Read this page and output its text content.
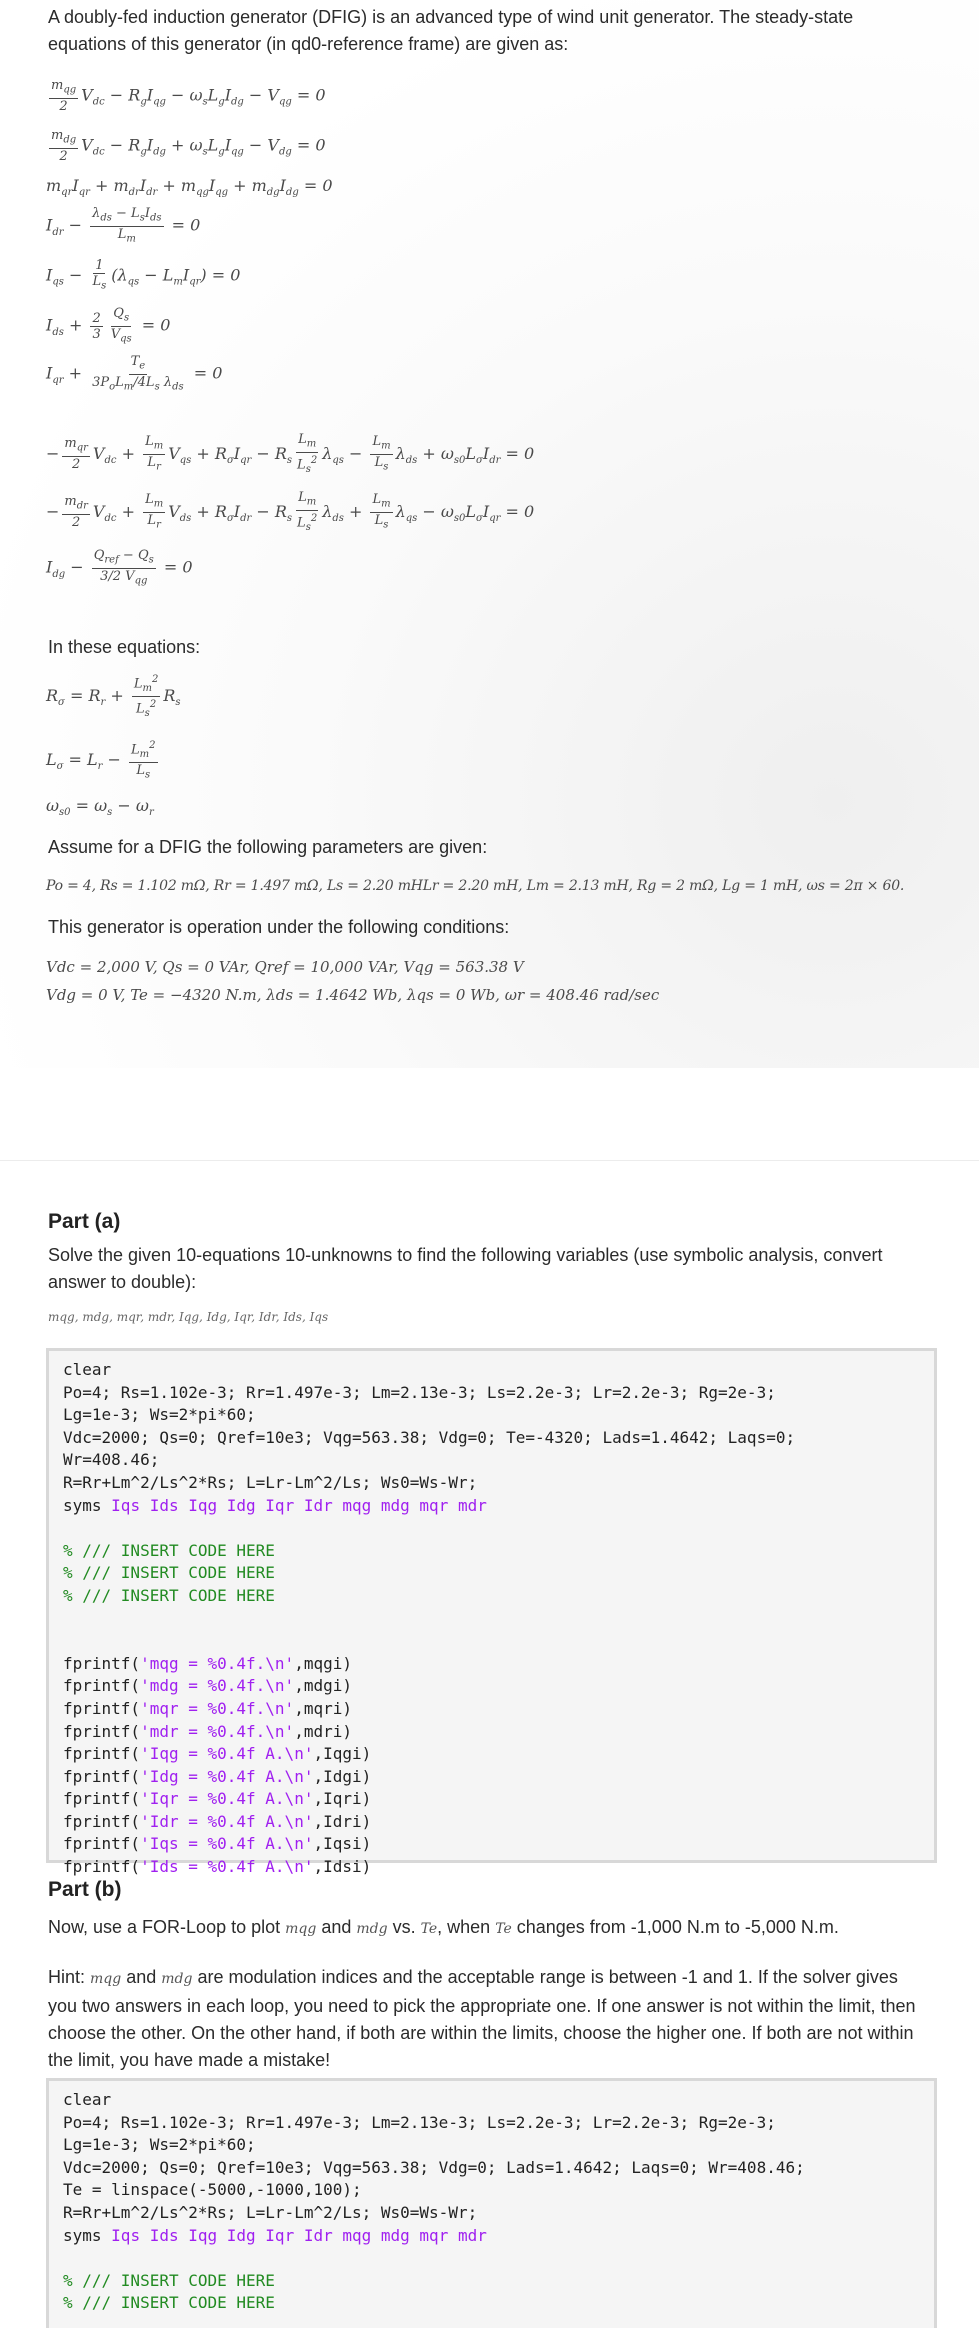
A doubly-fed induction generator (DFIG) is an advanced type of wind unit generator. The steady-state equations of this generator (in qd0-reference frame) are given as:

$\frac{m_{qg}}{2} V_{dc} - R_gI_{qg} - \omega_sL_gI_{dg} - V_{qg} = 0$
$\frac{m_{dg}}{2} V_{dc} - R_gI_{dg} + \omega_sL_gI_{qg} - V_{dg} = 0$
$m_{qr}I_{qr} + m_{dr}I_{dr} + m_{qg}I_{qg} + m_{dg}I_{dg} = 0$
$I_{dr} - \frac{\lambda_{ds} - L_sI_{ds}}{L_m} = 0$
$I_{qs} - \frac{1}{L_s} (\lambda_{qs} - L_mI_{qr}) = 0$
$I_{ds} + \frac{2}{3} \frac{Q_s}{V_{qs}} = 0$
$I_{qr} + \frac{T_e}{3P_oL_m/4L_s \lambda_{ds}} = 0$
− $\frac{m_{qr}}{2} V_{dc} + \frac{L_m}{L_r} V_{qs} + R_\sigma I_{qr} - R_s \frac{L_m}{L_s^2} \lambda_{qs} - \frac{L_m}{L_s} \lambda_{ds} + \omega_{s0}L_\sigma I_{dr} = 0$
− $\frac{m_{dr}}{2} V_{dc} + \frac{L_m}{L_r} V_{ds} + R_\sigma I_{dr} - R_s \frac{L_m}{L_s^2} \lambda_{ds} + \frac{L_m}{L_s} \lambda_{qs} - \omega_{s0}L_\sigma I_{qr} = 0$
$I_{dg} - \frac{Q_{ref} - Q_s}{3/2 V_{qg}} = 0$

In these equations:

$R_\sigma = R_r + \frac{L_m^2}{L_s^2} R_s$
$L_\sigma = L_r - \frac{L_m^2}{L_s}$
$\omega_{s0} = \omega_s - \omega_r$

Assume for a DFIG the following parameters are given:

Po = 4, Rs = 1.102 mΩ, Rr = 1.497 mΩ, Ls = 2.20 mHLr = 2.20 mH, Lm = 2.13 mH, Rg = 2 mΩ, Lg = 1 mH, ωs = 2π × 60.

This generator is operation under the following conditions:

Vdc = 2,000 V, Qs = 0 VAr, Qref = 10,000 VAr, Vqg = 563.38 V
Vdg = 0 V, Te = −4320 N.m, λds = 1.4642 Wb, λqs = 0 Wb, ωr = 408.46 rad/sec
Part (a)

Solve the given 10-equations 10-unknowns to find the following variables (use symbolic analysis, convert answer to double):

mqg, mdg, mqr, mdr, Iqg, Idg, Iqr, Idr, Ids, Iqs
clear
Po=4; Rs=1.102e-3; Rr=1.497e-3; Lm=2.13e-3; Ls=2.2e-3; Lr=2.2e-3; Rg=2e-3;
Lg=1e-3; Ws=2*pi*60;
Vdc=2000; Qs=0; Qref=10e3; Vqg=563.38; Vdg=0; Te=-4320; Lads=1.4642; Laqs=0;
Wr=408.46;
R=Rr+Lm^2/Ls^2*Rs; L=Lr-Lm^2/Ls; Ws0=Ws-Wr;
syms Iqs Ids Iqg Idg Iqr Idr mqg mdg mqr mdr

% /// INSERT CODE HERE
% /// INSERT CODE HERE
% /// INSERT CODE HERE

fprintf('mqg = %0.4f.\n',mqgi)
fprintf('mdg = %0.4f.\n',mdgi)
fprintf('mqr = %0.4f.\n',mqri)
fprintf('mdr = %0.4f.\n',mdri)
fprintf('Iqg = %0.4f A.\n',Iqgi)
fprintf('Idg = %0.4f A.\n',Idgi)
fprintf('Iqr = %0.4f A.\n',Iqri)
fprintf('Idr = %0.4f A.\n',Idri)
fprintf('Iqs = %0.4f A.\n',Iqsi)
fprintf('Ids = %0.4f A.\n',Idsi)
Part (b)

Now, use a FOR-Loop to plot mqg and mdg vs. Te, when Te changes from -1,000 N.m to -5,000 N.m.

Hint: mqg and mdg are modulation indices and the acceptable range is between -1 and 1. If the solver gives you two answers in each loop, you need to pick the appropriate one. If one answer is not within the limit, then choose the other. On the other hand, if both are within the limits, choose the higher one. If both are not within the limit, you have made a mistake!

clear
Po=4; Rs=1.102e-3; Rr=1.497e-3; Lm=2.13e-3; Ls=2.2e-3; Lr=2.2e-3; Rg=2e-3;
Lg=1e-3; Ws=2*pi*60;
Vdc=2000; Qs=0; Qref=10e3; Vqg=563.38; Vdg=0; Lads=1.4642; Laqs=0; Wr=408.46;
Te = linspace(-5000,-1000,100);
R=Rr+Lm^2/Ls^2*Rs; L=Lr-Lm^2/Ls; Ws0=Ws-Wr;
syms Iqs Ids Iqg Idg Iqr Idr mqg mdg mqr mdr

% /// INSERT CODE HERE
% /// INSERT CODE HERE
